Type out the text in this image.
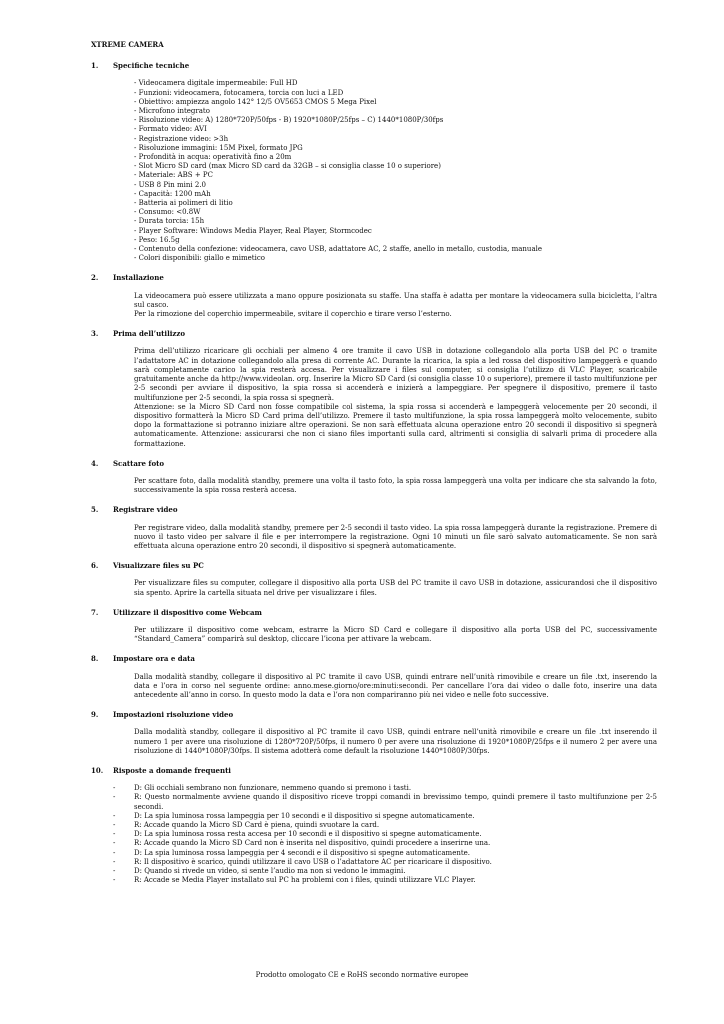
XTREME CAMERA
1.	Specifiche tecniche
- Videocamera digitale impermeabile: Full HD
- Funzioni: videocamera, fotocamera, torcia con luci a LED
- Obiettivo: ampiezza angolo 142° 12/5 OV5653 CMOS 5 Mega Pixel
- Microfono integrato
- Risoluzione video: A) 1280*720P/50fps - B) 1920*1080P/25fps – C) 1440*1080P/30fps
- Formato video: AVI
- Registrazione video: >3h
- Risoluzione immagini: 15M Pixel, formato JPG
- Profondità in acqua: operatività fino a 20m
- Slot Micro SD card (max Micro SD card da 32GB – si consiglia classe 10 o superiore)
- Materiale: ABS + PC
- USB 8 Pin mini 2.0
- Capacità: 1200 mAh
- Batteria ai polimeri di litio
- Consumo: <0.8W
- Durata torcia: 15h
- Player Software: Windows Media Player, Real Player, Stormcodec
- Peso: 16.5g
- Contenuto della confezione: videocamera, cavo USB, adattatore AC, 2 staffe, anello in metallo, custodia, manuale
- Colori disponibili: giallo e mimetico
2.	Installazione

La videocamera può essere utilizzata a mano oppure posizionata su staffe. Una staffa è adatta per montare la videocamera sulla bicicletta, l’altra sul casco.

Per la rimozione del coperchio impermeabile, svitare il coperchio e tirare verso l’esterno.

3.	Prima dell’utilizzo

Prima dell’utilizzo ricaricare gli occhiali per almeno 4 ore tramite il cavo USB in dotazione collegandolo alla porta USB del PC o tramite l’adattatore AC in dotazione collegandolo alla presa di corrente AC. Durante la ricarica, la spia a led rossa del dispositivo lampeggerà e quando sarà completamente carico la spia resterà accesa. Per visualizzare i files sul computer, si consiglia l’utilizzo di VLC Player, scaricabile gratuitamente anche da http://www.videolan. org. Inserire la Micro SD Card (si consiglia classe 10 o superiore), premere il tasto multifunzione per 2-5 secondi per avviare il dispositivo, la spia rossa si accenderà e inizierà a lampeggiare. Per spegnere il dispositivo, premere il tasto multifunzione per 2-5 secondi, la spia rossa si spegnerà.

Attenzione: se la Micro SD Card non fosse compatibile col sistema, la spia rossa si accenderà e lampeggerà velocemente per 20 secondi, il dispositivo formatterà la Micro SD Card prima dell’utilizzo. Premere il tasto multifunzione, la spia rossa lampeggerà molto velocemente, subito dopo la formattazione si potranno iniziare altre operazioni. Se non sarà effettuata alcuna operazione entro 20 secondi il dispositivo si spegnerà automaticamente. Attenzione: assicurarsi che non ci siano files importanti sulla card, altrimenti si consiglia di salvarli prima di procedere alla formattazione.

4.	Scattare foto

Per scattare foto, dalla modalità standby, premere una volta il tasto foto, la spia rossa lampeggerà una volta per indicare che sta salvando la foto, successivamente la spia rossa resterà accesa.

5.	Registrare video

Per registrare video, dalla modalità standby, premere per 2-5 secondi il tasto video. La spia rossa lampeggerà durante la registrazione. Premere di nuovo il tasto video per salvare il file e per interrompere la registrazione. Ogni 10 minuti un file sarò salvato automaticamente. Se non sarà effettuata alcuna operazione entro 20 secondi, il dispositivo si spegnerà automaticamente.

6.	Visualizzare files su PC

Per visualizzare files su computer, collegare il dispositivo alla porta USB del PC tramite il cavo USB in dotazione, assicurandosi che il dispositivo sia spento. Aprire la cartella situata nel drive per visualizzare i files.

7.	Utilizzare il dispositivo come Webcam

Per utilizzare il dispositivo come webcam, estrarre la Micro SD Card e collegare il dispositivo alla porta USB del PC, successivamente “Standard_Camera” comparirà sul desktop, cliccare l’icona per attivare la webcam.

8.	Impostare ora e data

Dalla modalità standby, collegare il dispositivo al PC tramite il cavo USB, quindi entrare nell’unità rimovibile e creare un file .txt, inserendo la data e l’ora in corso nel seguente ordine: anno.mese.giorno/ore:minuti:secondi. Per cancellare l’ora dai video o dalle foto, inserire una data antecedente all’anno in corso. In questo modo la data e l’ora non compariranno più nei video e nelle foto successive.

9.	Impostazioni risoluzione video

Dalla modalità standby, collegare il dispositivo al PC tramite il cavo USB, quindi entrare nell’unità rimovibile e creare un file .txt inserendo il numero 1 per avere una risoluzione di 1280*720P/50fps, il numero 0 per avere una risoluzione di 1920*1080P/25fps e il numero 2 per avere una risoluzione di 1440*1080P/30fps. Il sistema adotterà come default la risoluzione 1440*1080P/30fps.

10.	Risposte a domande frequenti
-	D: Gli occhiali sembrano non funzionare, nemmeno quando si premono i tasti.
-	R: Questo normalmente avviene quando il dispositivo riceve troppi comandi in brevissimo tempo, quindi premere il tasto multifunzione per 2-5 secondi.
-	D: La spia luminosa rossa lampeggia per 10 secondi e il dispositivo si spegne automaticamente.
-	R: Accade quando la Micro SD Card è piena, quindi svuotare la card.
-	D: La spia luminosa rossa resta accesa per 10 secondi e il dispositivo si spegne automaticamente.
-	R: Accade quando la Micro SD Card non è inserita nel dispositivo, quindi procedere a inserirne una.
-	D: La spia luminosa rossa lampeggia per 4 secondi e il dispositivo si spegne automaticamente.
-	R: Il dispositivo è scarico, quindi utilizzare il cavo USB o l’adattatore AC per ricaricare il dispositivo.
-	D: Quando si rivede un video, si sente l’audio ma non si vedono le immagini.
-	R: Accade se Media Player installato sul PC ha problemi con i files, quindi utilizzare VLC Player.
Prodotto omologato CE e RoHS secondo normative europee
